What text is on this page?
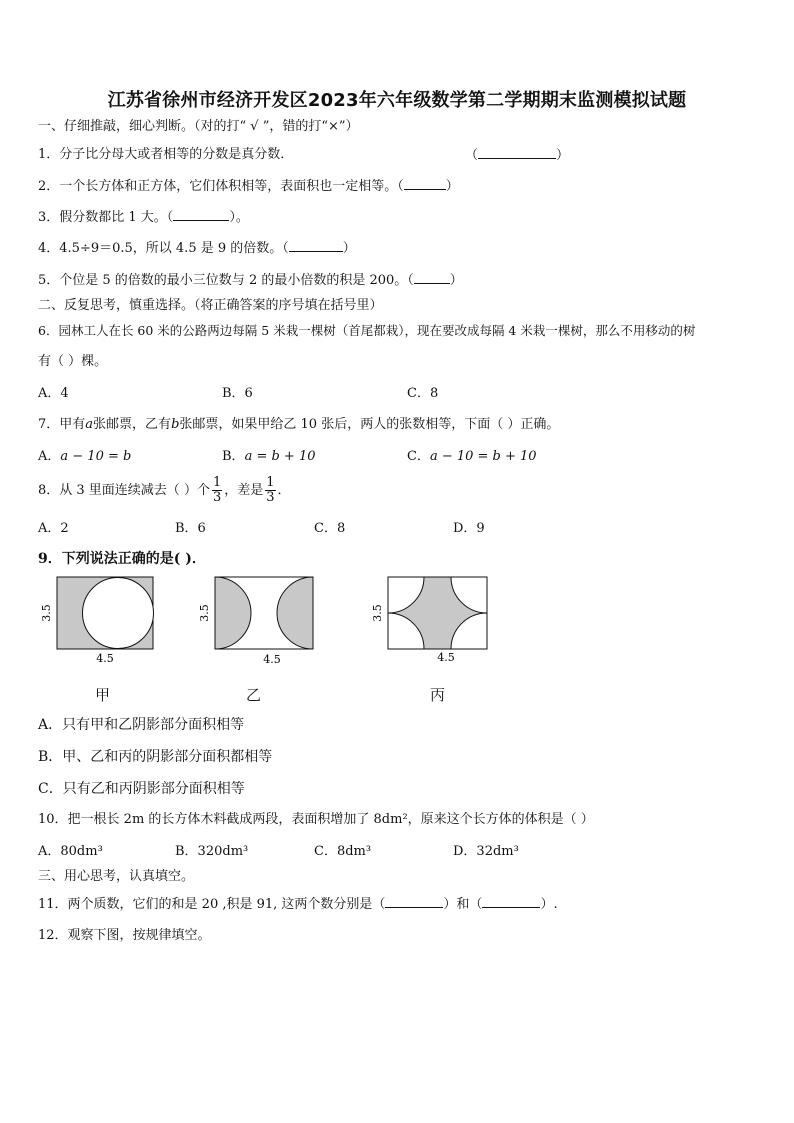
江苏省徐州市经济开发区2023年六年级数学第二学期期末监测模拟试题
一、仔细推敲，细心判断。（对的打“ √ ”，错的打“×”）
1．分子比分母大或者相等的分数是真分数．	（	）
2．一个长方体和正方体，它们体积相等，表面积也一定相等。（	）
3．假分数都比 1 大。（	）。
4．4.5÷9＝0.5，所以 4.5 是 9 的倍数。（	）
5．个位是 5 的倍数的最小三位数与 2 的最小倍数的积是 200。（	）
二、反复思考，慎重选择。（将正确答案的序号填在括号里）
6．园林工人在长 60 米的公路两边每隔 5 米栽一棵树（首尾都栽），现在要改成每隔 4 米栽一棵树，那么不用移动的树
有（ ）棵。
A．4	B．6	C．8
7．甲有a张邮票，乙有b张邮票，如果甲给乙 10 张后，两人的张数相等，下面（ ）正确。
A．a − 10 = b	B．a = b + 10	C．a − 10 = b + 10
8．从 3 里面连续减去（ ）个 $\frac{1}{3}$ ，差是 $\frac{1}{3}$ ．
A．2	B．6	C．8	D．9
9．下列说法正确的是( )．
3.5
4.5
甲
3.5
4.5
乙
3.5
4.5
丙
A．只有甲和乙阴影部分面积相等
B．甲、乙和丙的阴影部分面积都相等
C．只有乙和丙阴影部分面积相等
10．把一根长 2m 的长方体木料截成两段，表面积增加了 8dm²，原来这个长方体的体积是（ ）
A．80dm³	B．320dm³	C．8dm³	D．32dm³
三、用心思考，认真填空。
11．两个质数，它们的和是 20 ,积是 91, 这两个数分别是（	）和（	）.
12．观察下图，按规律填空。
